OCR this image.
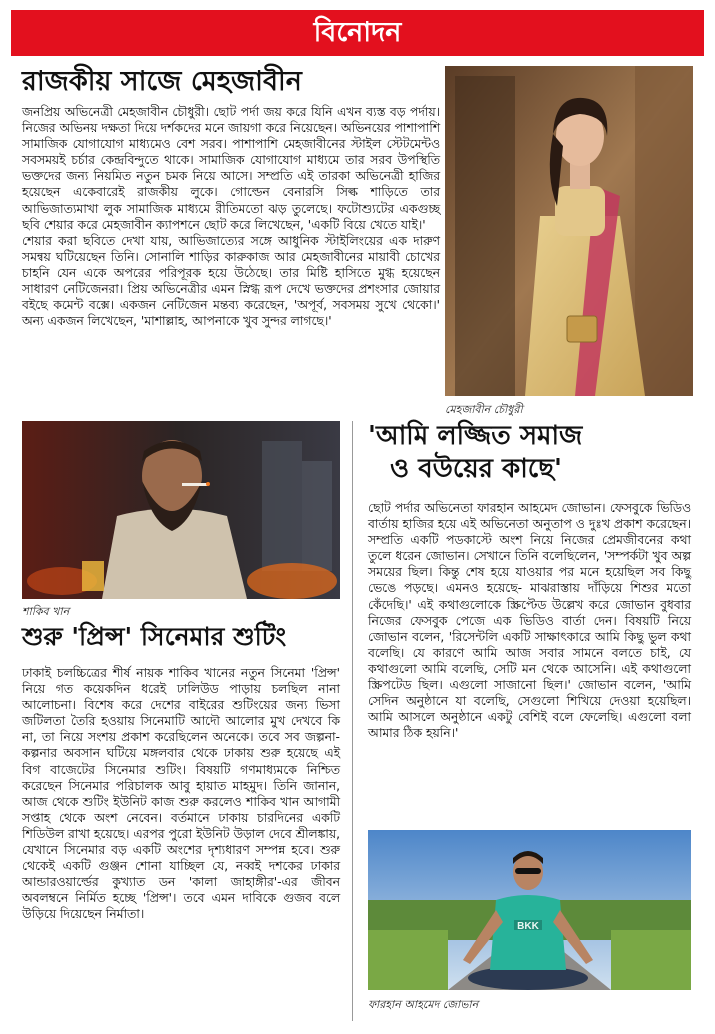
বিনোদন
রাজকীয় সাজে মেহজাবীন

জনপ্রিয় অভিনেত্রী মেহজাবীন চৌধুরী। ছোট পর্দা জয় করে যিনি এখন ব্যস্ত বড় পর্দায়। নিজের অভিনয় দক্ষতা দিয়ে দর্শকদের মনে জায়গা করে নিয়েছেন। অভিনয়ের পাশাপাশি সামাজিক যোগাযোগ মাধ্যমেও বেশ সরব। পাশাপাশি মেহজাবীনের স্টাইল স্টেটমেন্টও সবসময়ই চর্চার কেন্দ্রবিন্দুতে থাকে। সামাজিক যোগাযোগ মাধ্যমে তার সরব উপস্থিতি ভক্তদের জন্য নিয়মিত নতুন চমক নিয়ে আসে। সম্প্রতি এই তারকা অভিনেত্রী হাজির হয়েছেন একেবারেই রাজকীয় লুকে। গোল্ডেন বেনারসি সিল্ক শাড়িতে তার আভিজাত্যমাখা লুক সামাজিক মাধ্যমে রীতিমতো ঝড় তুলেছে। ফটোশ্যুটের একগুচ্ছ ছবি শেয়ার করে মেহজাবীন ক্যাপশনে ছোট করে লিখেছেন, 'একটি বিয়ে খেতে যাই।'

শেয়ার করা ছবিতে দেখা যায়, আভিজাত্যের সঙ্গে আধুনিক স্টাইলিংয়ের এক দারুণ সমন্বয় ঘটিয়েছেন তিনি। সোনালি শাড়ির কারুকাজ আর মেহজাবীনের মায়াবী চোখের চাহনি যেন একে অপরের পরিপূরক হয়ে উঠেছে। তার মিষ্টি হাসিতে মুগ্ধ হয়েছেন সাধারণ নেটিজেনরা। প্রিয় অভিনেত্রীর এমন স্নিগ্ধ রূপ দেখে ভক্তদের প্রশংসার জোয়ার বইছে কমেন্ট বক্সে। একজন নেটিজেন মন্তব্য করেছেন, 'অপূর্ব, সবসময় সুখে থেকো।' অন্য একজন লিখেছেন, 'মাশাল্লাহ, আপনাকে খুব সুন্দর লাগছে।'

মেহজাবীন চৌধুরী
শাকিব খান
শুরু 'প্রিন্স' সিনেমার শুটিং

ঢাকাই চলচ্চিত্রের শীর্ষ নায়ক শাকিব খানের নতুন সিনেমা 'প্রিন্স' নিয়ে গত কয়েকদিন ধরেই ঢালিউড পাড়ায় চলছিল নানা আলোচনা। বিশেষ করে দেশের বাইরের শুটিংয়ের জন্য ভিসা জটিলতা তৈরি হওয়ায় সিনেমাটি আদৌ আলোর মুখ দেখবে কি না, তা নিয়ে সংশয় প্রকাশ করেছিলেন অনেকে। তবে সব জল্পনা-কল্পনার অবসান ঘটিয়ে মঙ্গলবার থেকে ঢাকায় শুরু হয়েছে এই বিগ বাজেটের সিনেমার শুটিং। বিষয়টি গণমাধ্যমকে নিশ্চিত করেছেন সিনেমার পরিচালক আবু হায়াত মাহমুদ। তিনি জানান, আজ থেকে শুটিং ইউনিট কাজ শুরু করলেও শাকিব খান আগামী সপ্তাহ থেকে অংশ নেবেন। বর্তমানে ঢাকায় চারদিনের একটি শিডিউল রাখা হয়েছে। এরপর পুরো ইউনিট উড়াল দেবে শ্রীলঙ্কায়, যেখানে সিনেমার বড় একটি অংশের দৃশ্যধারণ সম্পন্ন হবে। শুরু থেকেই একটি গুঞ্জন শোনা যাচ্ছিল যে, নব্বই দশকের ঢাকার আন্ডারওয়ার্ল্ডের কুখ্যাত ডন 'কালা জাহাঙ্গীর'-এর জীবন অবলম্বনে নির্মিত হচ্ছে 'প্রিন্স'। তবে এমন দাবিকে গুজব বলে উড়িয়ে দিয়েছেন নির্মাতা।

'আমি লজ্জিত সমাজ
ও বউয়ের কাছে'

ছোট পর্দার অভিনেতা ফারহান আহমেদ জোভান। ফেসবুকে ভিডিও বার্তায় হাজির হয়ে এই অভিনেতা অনুতাপ ও দুঃখ প্রকাশ করেছেন। সম্প্রতি একটি পডকাস্টে অংশ নিয়ে নিজের প্রেমজীবনের কথা তুলে ধরেন জোভান। সেখানে তিনি বলেছিলেন, 'সম্পর্কটা খুব অল্প সময়ের ছিল। কিন্তু শেষ হয়ে যাওয়ার পর মনে হয়েছিল সব কিছু ভেঙে পড়ছে। এমনও হয়েছে- মাঝরাস্তায় দাঁড়িয়ে শিশুর মতো কেঁদেছি।' এই কথাগুলোকে স্ক্রিপ্টেড উল্লেখ করে জোভান বুধবার নিজের ফেসবুক পেজে এক ভিডিও বার্তা দেন। বিষয়টি নিয়ে জোভান বলেন, 'রিসেন্টলি একটি সাক্ষাৎকারে আমি কিছু ভুল কথা বলেছি। যে কারণে আমি আজ সবার সামনে বলতে চাই, যে কথাগুলো আমি বলেছি, সেটি মন থেকে আসেনি। এই কথাগুলো স্ক্রিপটেড ছিল। এগুলো সাজানো ছিল।' জোভান বলেন, 'আমি সেদিন অনুষ্ঠানে যা বলেছি, সেগুলো শিখিয়ে দেওয়া হয়েছিল। আমি আসলে অনুষ্ঠানে একটু বেশিই বলে ফেলেছি। এগুলো বলা আমার ঠিক হয়নি।'

BKK
ফারহান আহমেদ জোভান
